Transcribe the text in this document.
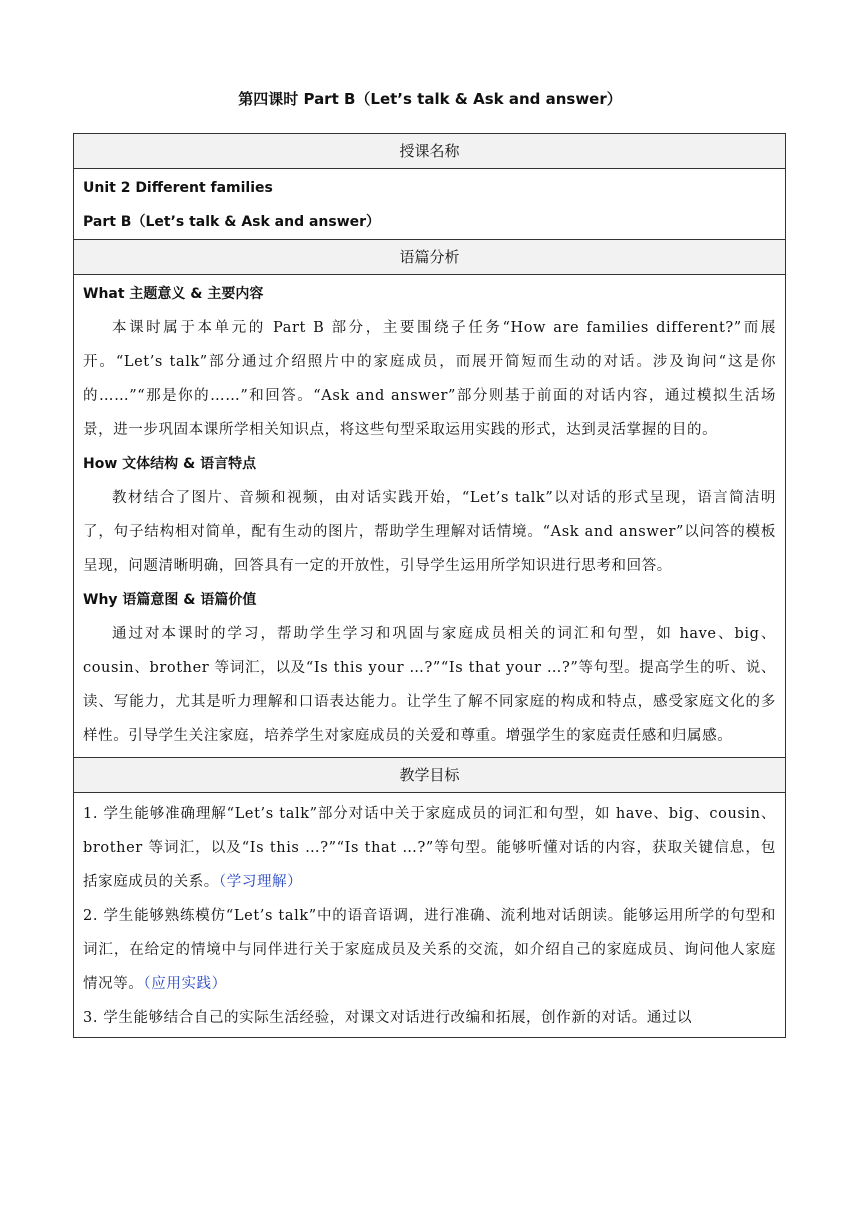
第四课时 Part B（Let’s talk & Ask and answer）
授课名称

Unit 2 Different families

Part B（Let’s talk & Ask and answer）

语篇分析

What 主题意义 & 主要内容

本课时属于本单元的 Part B 部分，主要围绕子任务“How are families different?”而展开。“Let’s talk”部分通过介绍照片中的家庭成员，而展开简短而生动的对话。涉及询问“这是你的……”“那是你的……”和回答。“Ask and answer”部分则基于前面的对话内容，通过模拟生活场景，进一步巩固本课所学相关知识点，将这些句型采取运用实践的形式，达到灵活掌握的目的。

How 文体结构 & 语言特点

教材结合了图片、音频和视频，由对话实践开始，“Let’s talk”以对话的形式呈现，语言简洁明了，句子结构相对简单，配有生动的图片，帮助学生理解对话情境。“Ask and answer”以问答的模板呈现，问题清晰明确，回答具有一定的开放性，引导学生运用所学知识进行思考和回答。

Why 语篇意图 & 语篇价值

通过对本课时的学习，帮助学生学习和巩固与家庭成员相关的词汇和句型，如 have、big、cousin、brother 等词汇，以及“Is this your …?”“Is that your …?”等句型。提高学生的听、说、读、写能力，尤其是听力理解和口语表达能力。让学生了解不同家庭的构成和特点，感受家庭文化的多样性。引导学生关注家庭，培养学生对家庭成员的关爱和尊重。增强学生的家庭责任感和归属感。

教学目标

1. 学生能够准确理解“Let’s talk”部分对话中关于家庭成员的词汇和句型，如 have、big、cousin、brother 等词汇，以及“Is this …?”“Is that …?”等句型。能够听懂对话的内容，获取关键信息，包括家庭成员的关系。（学习理解）

2. 学生能够熟练模仿“Let’s talk”中的语音语调，进行准确、流利地对话朗读。能够运用所学的句型和词汇，在给定的情境中与同伴进行关于家庭成员及关系的交流，如介绍自己的家庭成员、询问他人家庭情况等。（应用实践）

3. 学生能够结合自己的实际生活经验，对课文对话进行改编和拓展，创作新的对话。通过以
